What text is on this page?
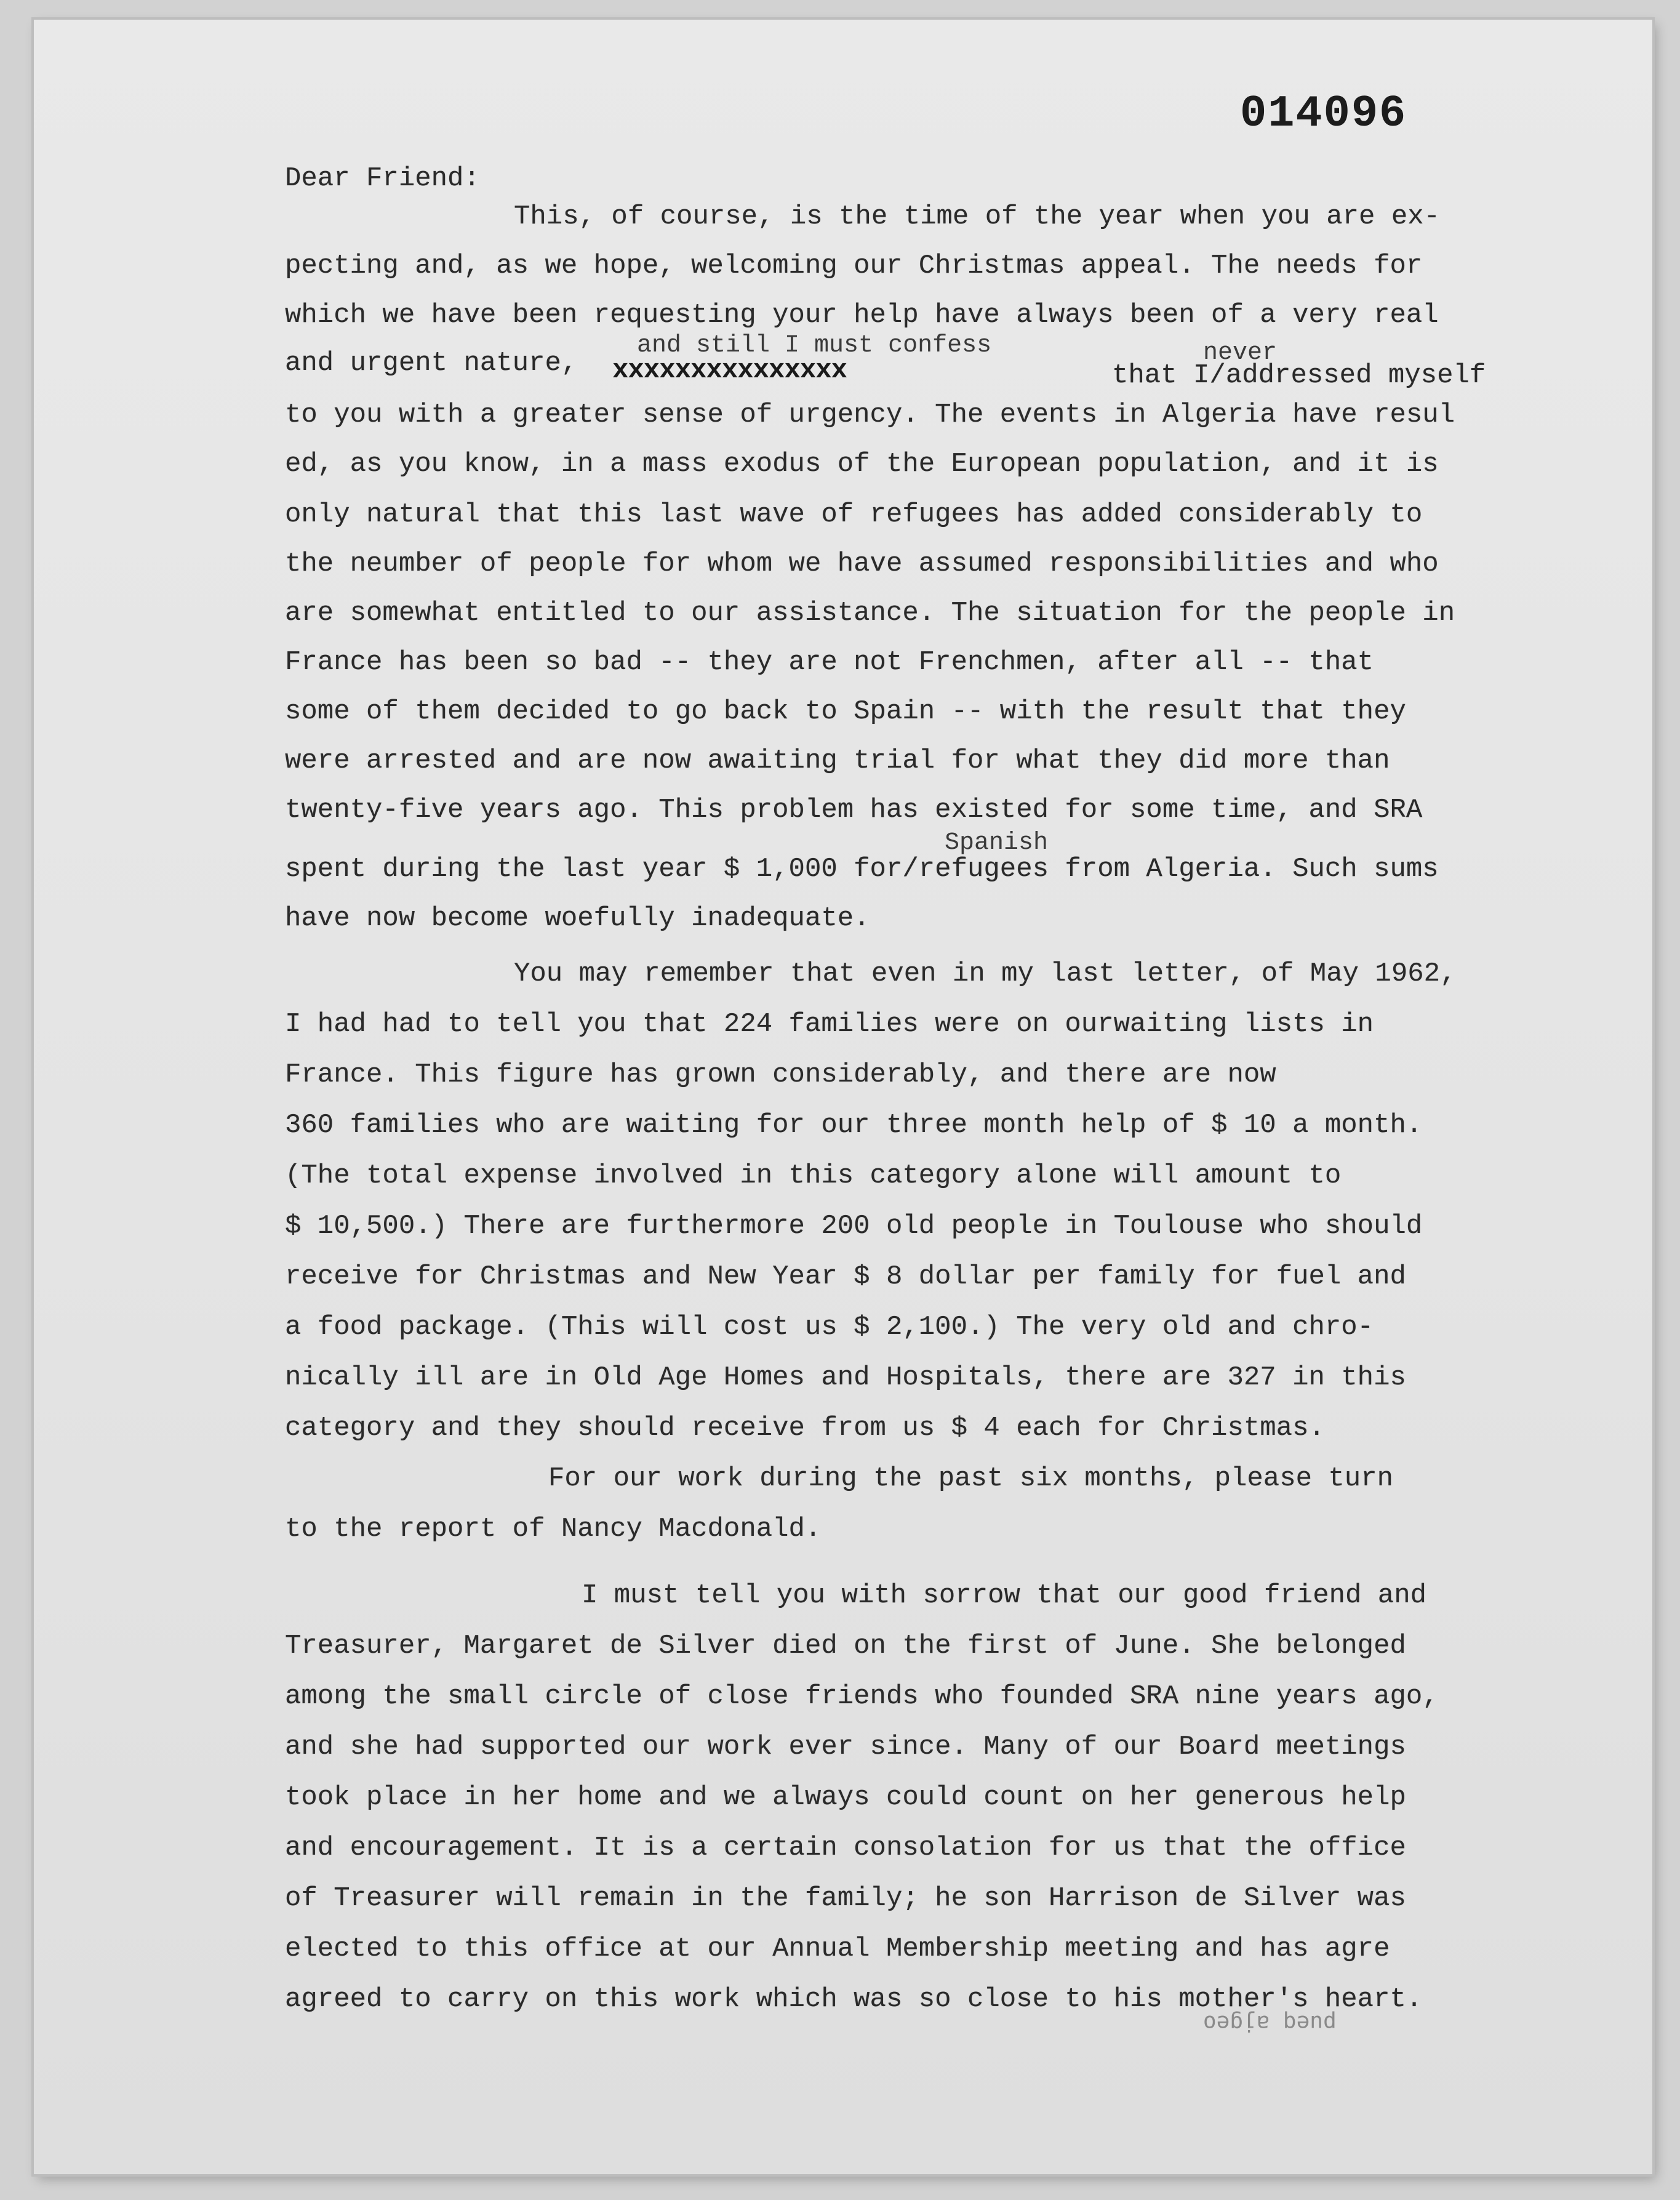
014096
Dear Friend:
This, of course, is the time of the year when you are ex-
pecting and, as we hope, welcoming our Christmas appeal. The needs for
which we have been requesting your help have always been of a very real
and urgent nature,
and still I must confess	never
xxxxxxxxxxxxxxx	that I/addressed myself
to you with a greater sense of urgency. The events in Algeria have resul
ed, as you know, in a mass exodus of the European population, and it is
only natural that this last wave of refugees has added considerably to
the neumber of people for whom we have assumed responsibilities and who
are somewhat entitled to our assistance. The situation for the people in
France has been so bad -- they are not Frenchmen, after all -- that
some of them decided to go back to Spain -- with the result that they
were arrested and are now awaiting trial for what they did more than
twenty-five years ago. This problem has existed for some time, and SRA
Spanish
spent during the last year $ 1,000 for/refugees from Algeria. Such sums
have now become woefully inadequate.
You may remember that even in my last letter, of May 1962,
I had had to tell you that 224 families were on ourwaiting lists in
France. This figure has grown considerably, and there are now
360 families who are waiting for our three month help of $ 10 a month.
(The total expense involved in this category alone will amount to
$ 10,500.) There are furthermore 200 old people in Toulouse who should
receive for Christmas and New Year $ 8 dollar per family for fuel and
a food package. (This will cost us $ 2,100.) The very old and chro-
nically ill are in Old Age Homes and Hospitals, there are 327 in this
category and they should receive from us $ 4 each for Christmas.
For our work during the past six months, please turn
to the report of Nancy Macdonald.
I must tell you with sorrow that our good friend and
Treasurer, Margaret de Silver died on the first of June. She belonged
among the small circle of close friends who founded SRA nine years ago,
and she had supported our work ever since. Many of our Board meetings
took place in her home and we always could count on her generous help
and encouragement. It is a certain consolation for us that the office
of Treasurer will remain in the family; he son Harrison de Silver was
elected to this office at our Annual Membership meeting and has agre
agreed to carry on this work which was so close to his mother's heart.
pueq ajgeo
